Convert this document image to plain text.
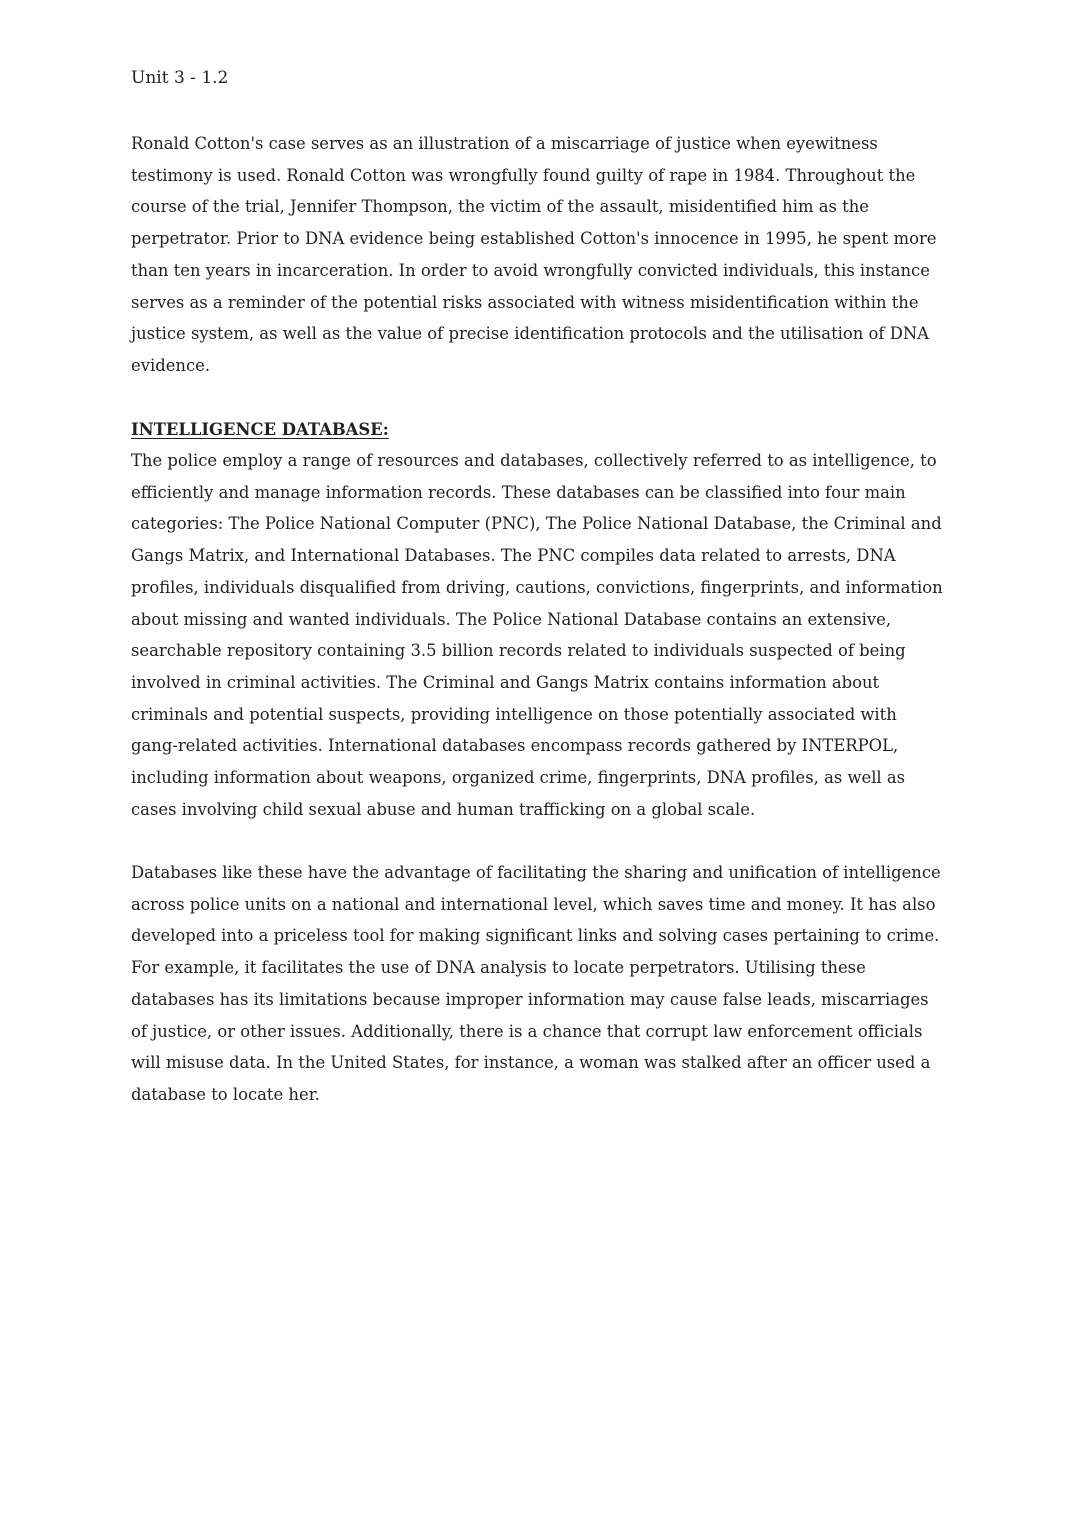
Unit 3 - 1.2

Ronald Cotton's case serves as an illustration of a miscarriage of justice when eyewitness testimony is used. Ronald Cotton was wrongfully found guilty of rape in 1984. Throughout the course of the trial, Jennifer Thompson, the victim of the assault, misidentified him as the perpetrator. Prior to DNA evidence being established Cotton's innocence in 1995, he spent more than ten years in incarceration. In order to avoid wrongfully convicted individuals, this instance serves as a reminder of the potential risks associated with witness misidentification within the justice system, as well as the value of precise identification protocols and the utilisation of DNA evidence.

INTELLIGENCE DATABASE:

The police employ a range of resources and databases, collectively referred to as intelligence, to efficiently and manage information records. These databases can be classified into four main categories: The Police National Computer (PNC), The Police National Database, the Criminal and Gangs Matrix, and International Databases. The PNC compiles data related to arrests, DNA profiles, individuals disqualified from driving, cautions, convictions, fingerprints, and information about missing and wanted individuals. The Police National Database contains an extensive, searchable repository containing 3.5 billion records related to individuals suspected of being involved in criminal activities. The Criminal and Gangs Matrix contains information about criminals and potential suspects, providing intelligence on those potentially associated with gang-related activities. International databases encompass records gathered by INTERPOL, including information about weapons, organized crime, fingerprints, DNA profiles, as well as cases involving child sexual abuse and human trafficking on a global scale.

Databases like these have the advantage of facilitating the sharing and unification of intelligence across police units on a national and international level, which saves time and money. It has also developed into a priceless tool for making significant links and solving cases pertaining to crime. For example, it facilitates the use of DNA analysis to locate perpetrators. Utilising these databases has its limitations because improper information may cause false leads, miscarriages of justice, or other issues. Additionally, there is a chance that corrupt law enforcement officials will misuse data. In the United States, for instance, a woman was stalked after an officer used a database to locate her.
